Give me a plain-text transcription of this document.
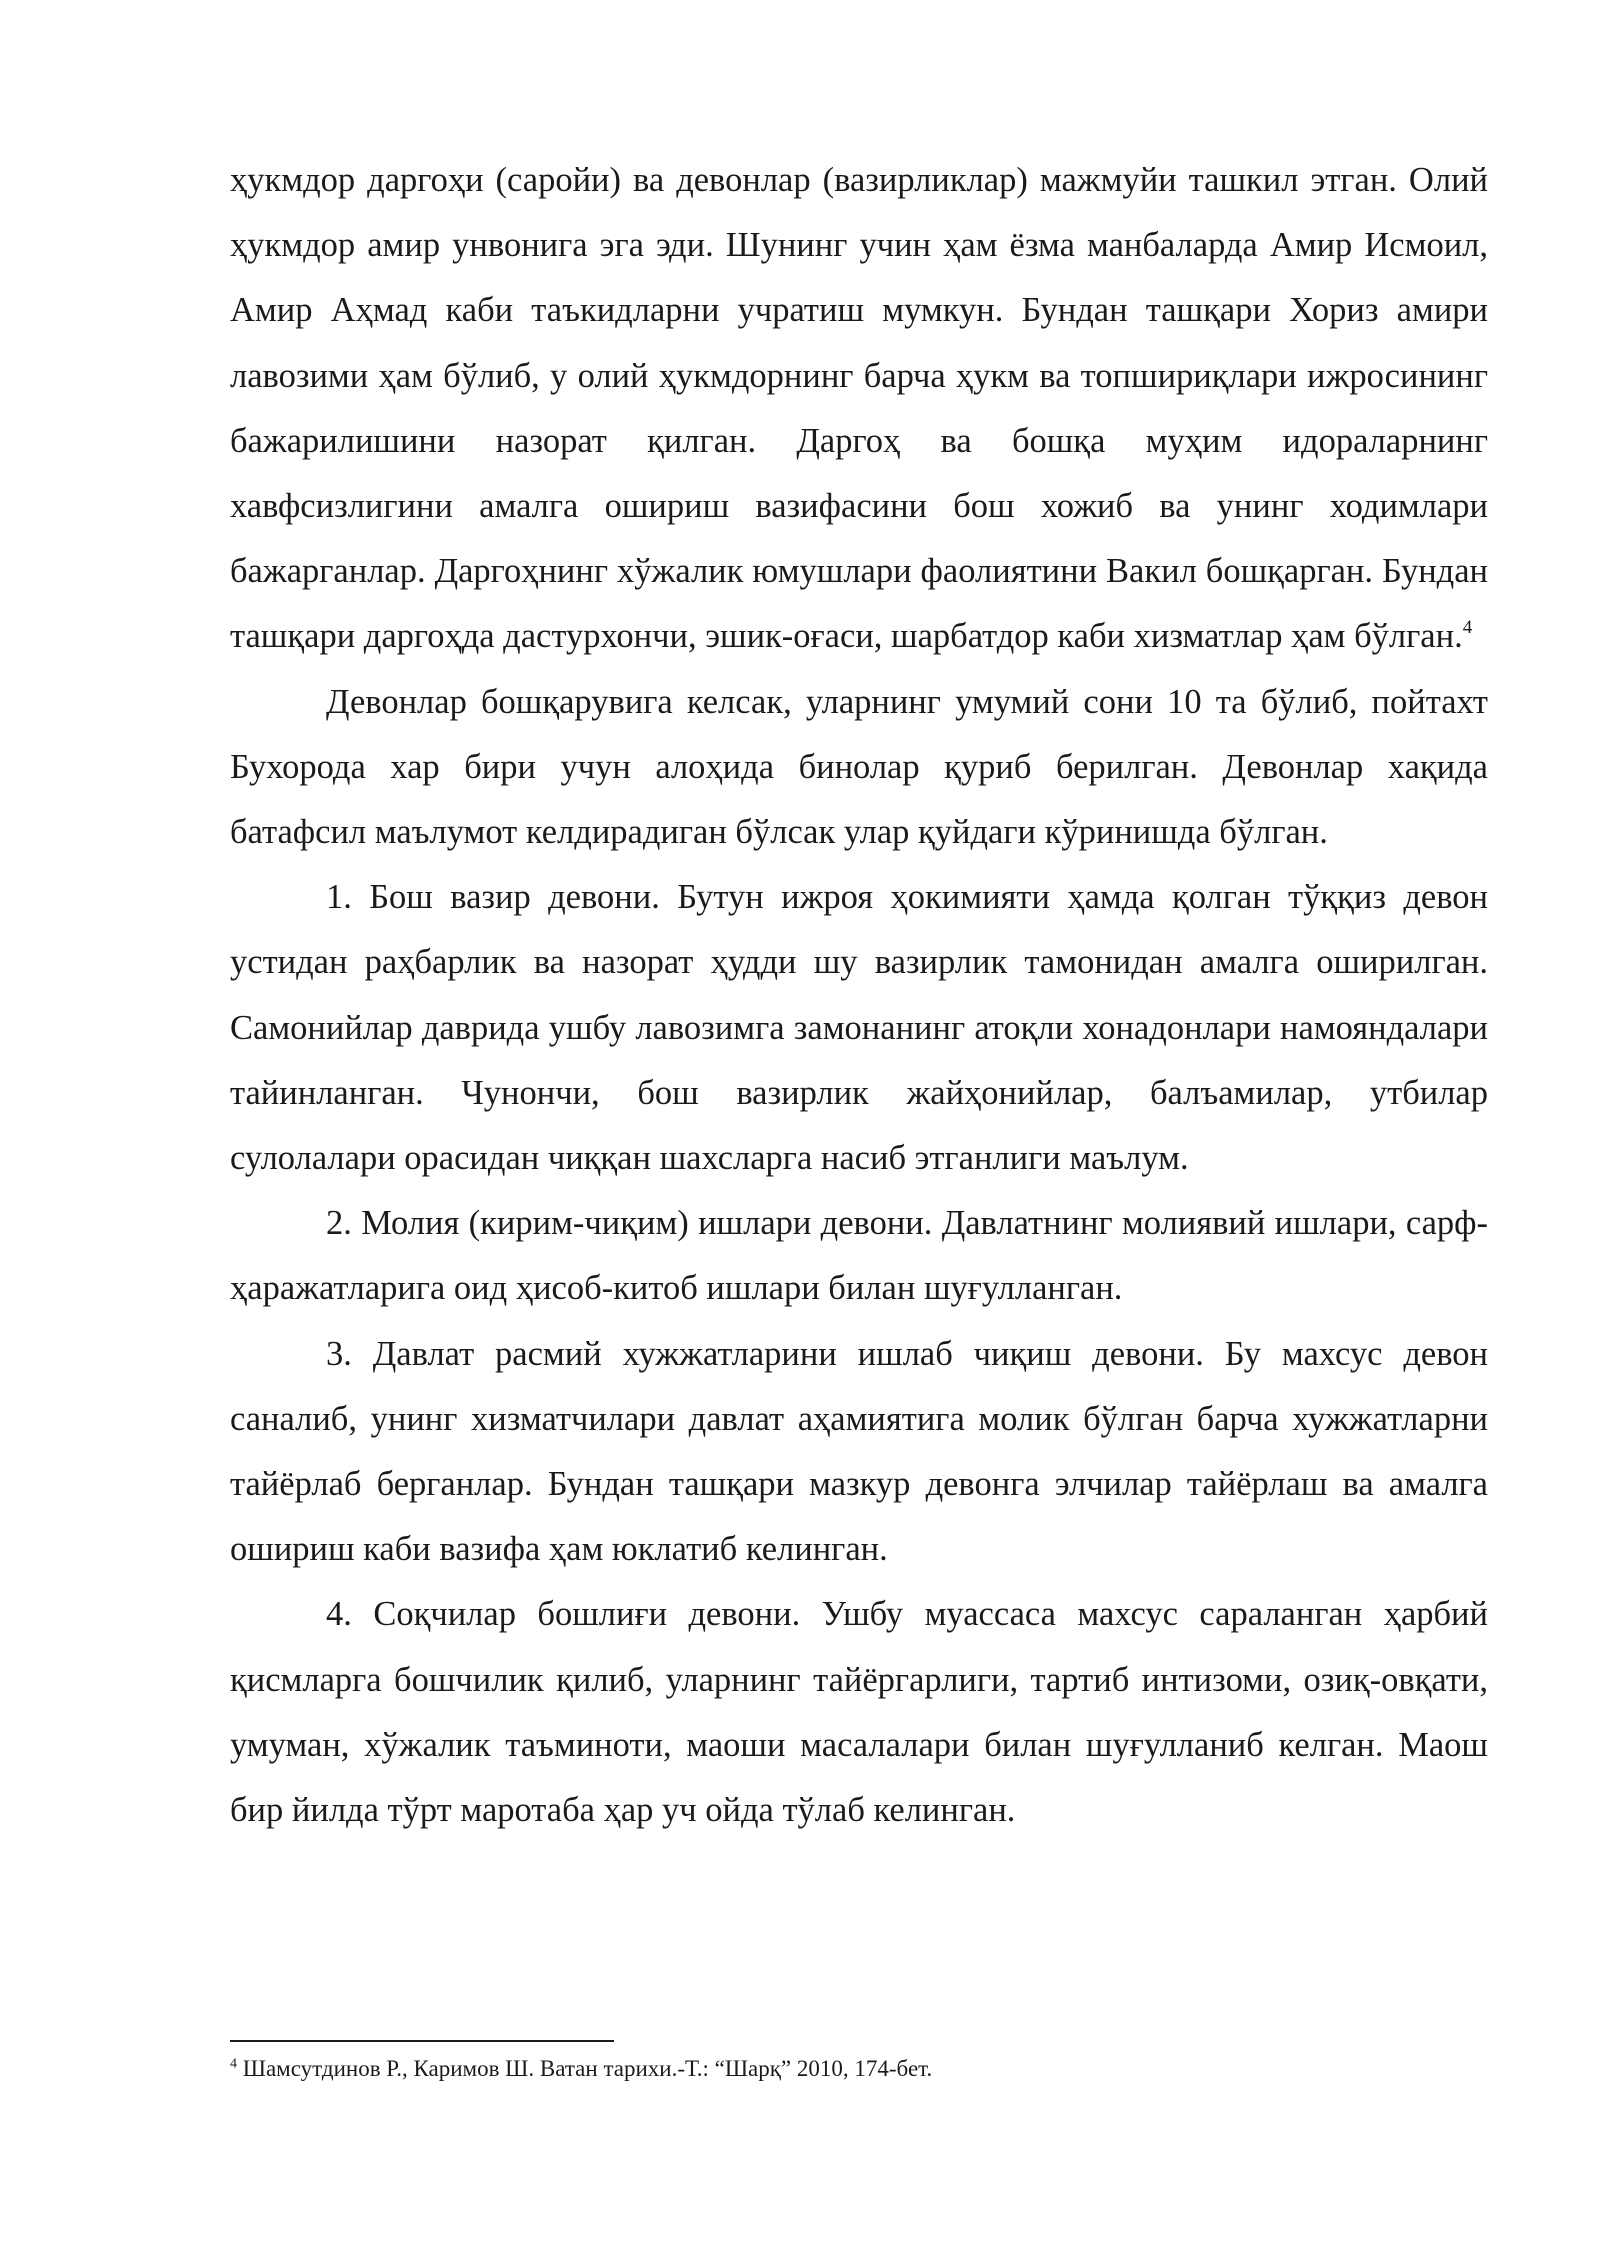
ҳукмдор даргоҳи (саройи) ва девонлар (вазирликлар) мажмуйи ташкил этган. Олий ҳукмдор амир унвонига эга эди. Шунинг учин ҳам ёзма манбаларда Амир Исмоил, Амир Аҳмад каби таъкидларни учратиш мумкун. Бундан ташқари Хориз амири лавозими ҳам бўлиб, у олий ҳукмдорнинг барча ҳукм ва топшириқлари ижросининг бажарилишини назорат қилган. Даргоҳ ва бошқа муҳим идораларнинг хавфсизлигини амалга ошириш вазифасини бош хожиб ва унинг ходимлари бажарганлар. Даргоҳнинг хўжалик юмушлари фаолиятини Вакил бошқарган. Бундан ташқари даргоҳда дастурхончи, эшик-оғаси, шарбатдор каби хизматлар ҳам бўлган.$^4$

Девонлар бошқарувига келсак, уларнинг умумий сони 10 та бўлиб, пойтахт Бухорода хар бири учун алоҳида бинолар қуриб берилган. Девонлар хақида батафсил маълумот келдирадиган бўлсак улар қуйдаги кўринишда бўлган.

1. Бош вазир девони. Бутун ижроя ҳокимияти ҳамда қолган тўққиз девон устидан раҳбарлик ва назорат ҳудди шу вазирлик тамонидан амалга оширилган. Самонийлар даврида ушбу лавозимга замонанинг атоқли хонадонлари намояндалари тайинланган. Чунончи, бош вазирлик жайҳонийлар, балъамилар, утбилар сулолалари орасидан чиққан шахсларга насиб этганлиги маълум.

2. Молия (кирим-чиқим) ишлари девони. Давлатнинг молиявий ишлари, сарф-ҳаражатларига оид ҳисоб-китоб ишлари билан шуғулланган.

3. Давлат расмий хужжатларини ишлаб чиқиш девони. Бу махсус девон саналиб, унинг хизматчилари давлат аҳамиятига молик бўлган барча хужжатларни тайёрлаб берганлар. Бундан ташқари мазкур девонга элчилар тайёрлаш ва амалга ошириш каби вазифа ҳам юклатиб келинган.

4. Соқчилар бошлиғи девони. Ушбу муассаса махсус сараланган ҳарбий қисмларга бошчилик қилиб, уларнинг тайёргарлиги, тартиб интизоми, озиқ-овқати, умуман, хўжалик таъминоти, маоши масалалари билан шуғулланиб келган. Маош бир йилда тўрт маротаба ҳар уч ойда тўлаб келинган.

$^4$ Шамсутдинов Р., Каримов Ш. Ватан тарихи.-Т.: “Шарқ” 2010, 174-бет.
